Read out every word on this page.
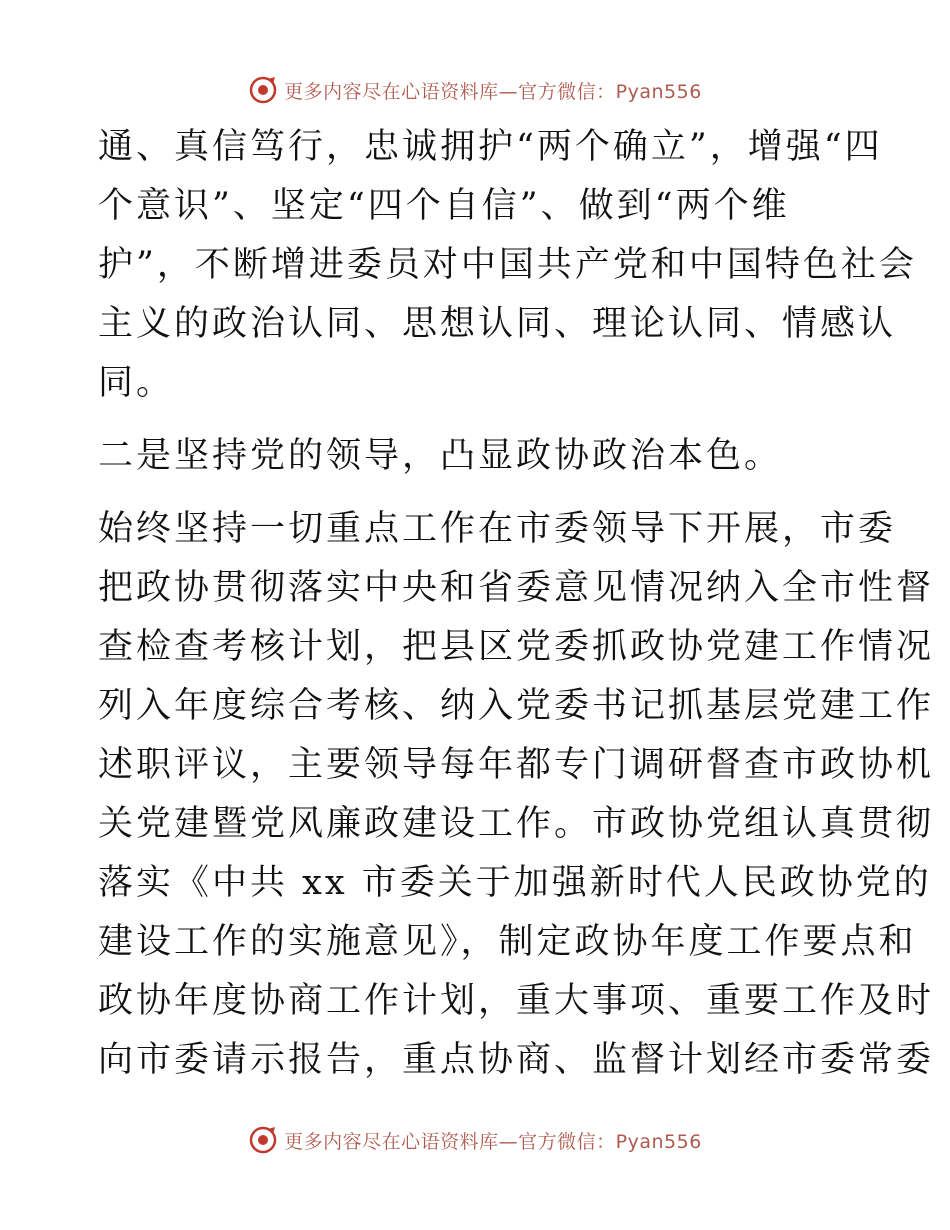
更多内容尽在心语资料库—官方微信：Pyan556
通、真信笃行，忠诚拥护“两个确立”，增强“四
个意识”、坚定“四个自信”、做到“两个维
护”，不断增进委员对中国共产党和中国特色社会
主义的政治认同、思想认同、理论认同、情感认
同。
二是坚持党的领导，凸显政协政治本色。
始终坚持一切重点工作在市委领导下开展，市委
把政协贯彻落实中央和省委意见情况纳入全市性督
查检查考核计划，把县区党委抓政协党建工作情况
列入年度综合考核、纳入党委书记抓基层党建工作
述职评议，主要领导每年都专门调研督查市政协机
关党建暨党风廉政建设工作。市政协党组认真贯彻
落实《中共 xx 市委关于加强新时代人民政协党的
建设工作的实施意见》，制定政协年度工作要点和
政协年度协商工作计划，重大事项、重要工作及时
向市委请示报告，重点协商、监督计划经市委常委
更多内容尽在心语资料库—官方微信：Pyan556
